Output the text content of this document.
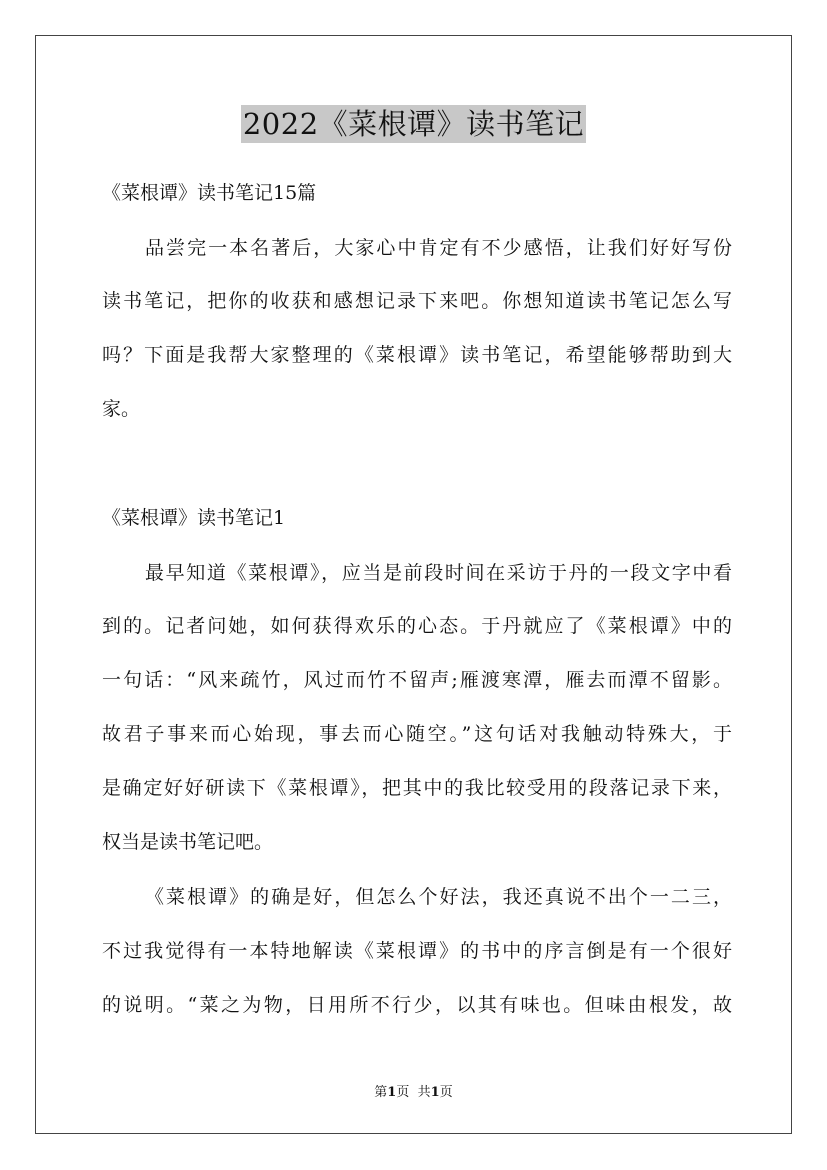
2022《菜根谭》读书笔记

《菜根谭》读书笔记15篇

品尝完一本名著后，大家心中肯定有不少感悟，让我们好好写份

读书笔记，把你的收获和感想记录下来吧。你想知道读书笔记怎么写

吗？下面是我帮大家整理的《菜根谭》读书笔记，希望能够帮助到大

家。

《菜根谭》读书笔记1

最早知道《菜根谭》，应当是前段时间在采访于丹的一段文字中看

到的。记者问她，如何获得欢乐的心态。于丹就应了《菜根谭》中的

一句话：“风来疏竹，风过而竹不留声;雁渡寒潭，雁去而潭不留影。

故君子事来而心始现，事去而心随空。”这句话对我触动特殊大，于

是确定好好研读下《菜根谭》，把其中的我比较受用的段落记录下来，

权当是读书笔记吧。

《菜根谭》的确是好，但怎么个好法，我还真说不出个一二三，

不过我觉得有一本特地解读《菜根谭》的书中的序言倒是有一个很好

的说明。“菜之为物，日用所不行少，以其有味也。但味由根发，故

第1页 共1页
